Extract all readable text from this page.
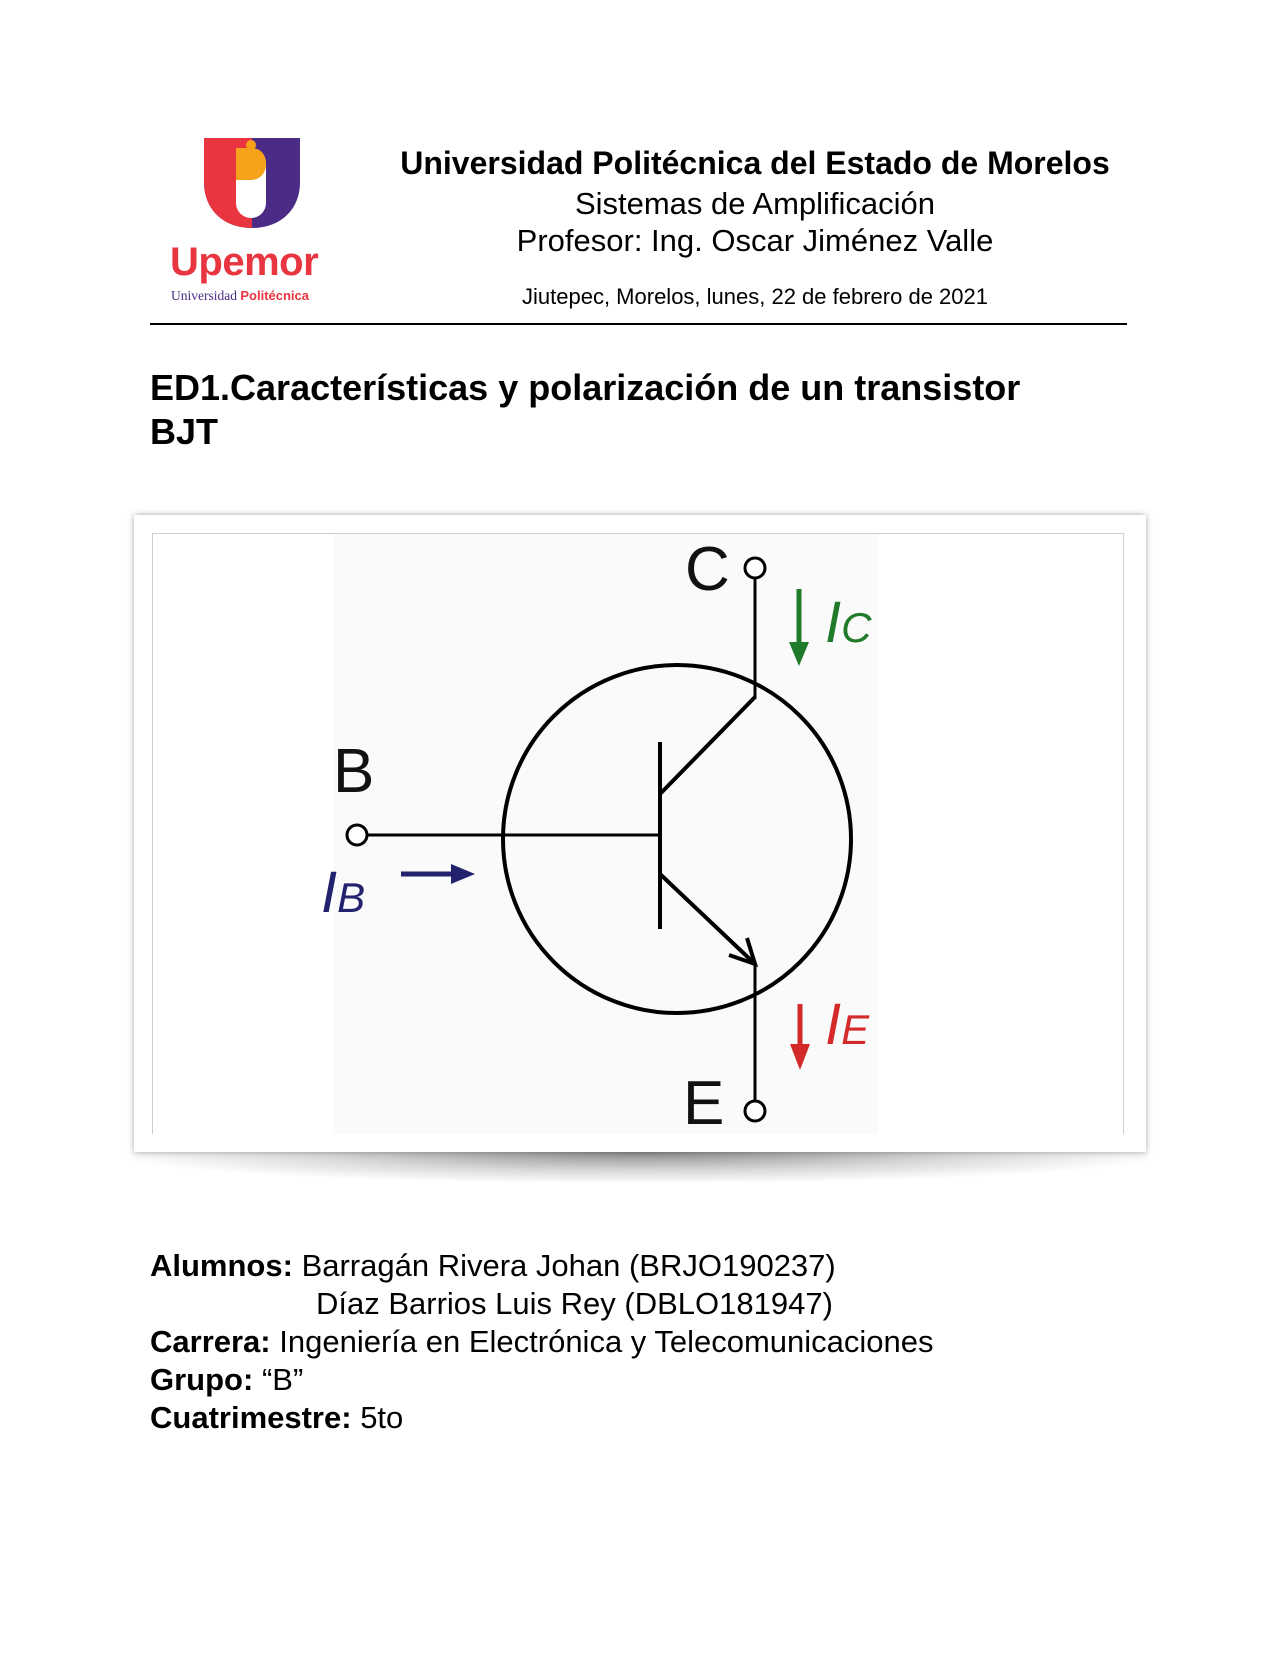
Upemor
Universidad Politécnica
Universidad Politécnica del Estado de Morelos
Sistemas de Amplificación
Profesor: Ing. Oscar Jiménez Valle
Jiutepec, Morelos, lunes, 22 de febrero de 2021
ED1.Características y polarización de un transistor
BJT
C
B
E
IC
IB
IE
Alumnos: Barragán Rivera Johan (BRJO190237)
Díaz Barrios Luis Rey (DBLO181947)
Carrera: Ingeniería en Electrónica y Telecomunicaciones
Grupo: “B”
Cuatrimestre: 5to
